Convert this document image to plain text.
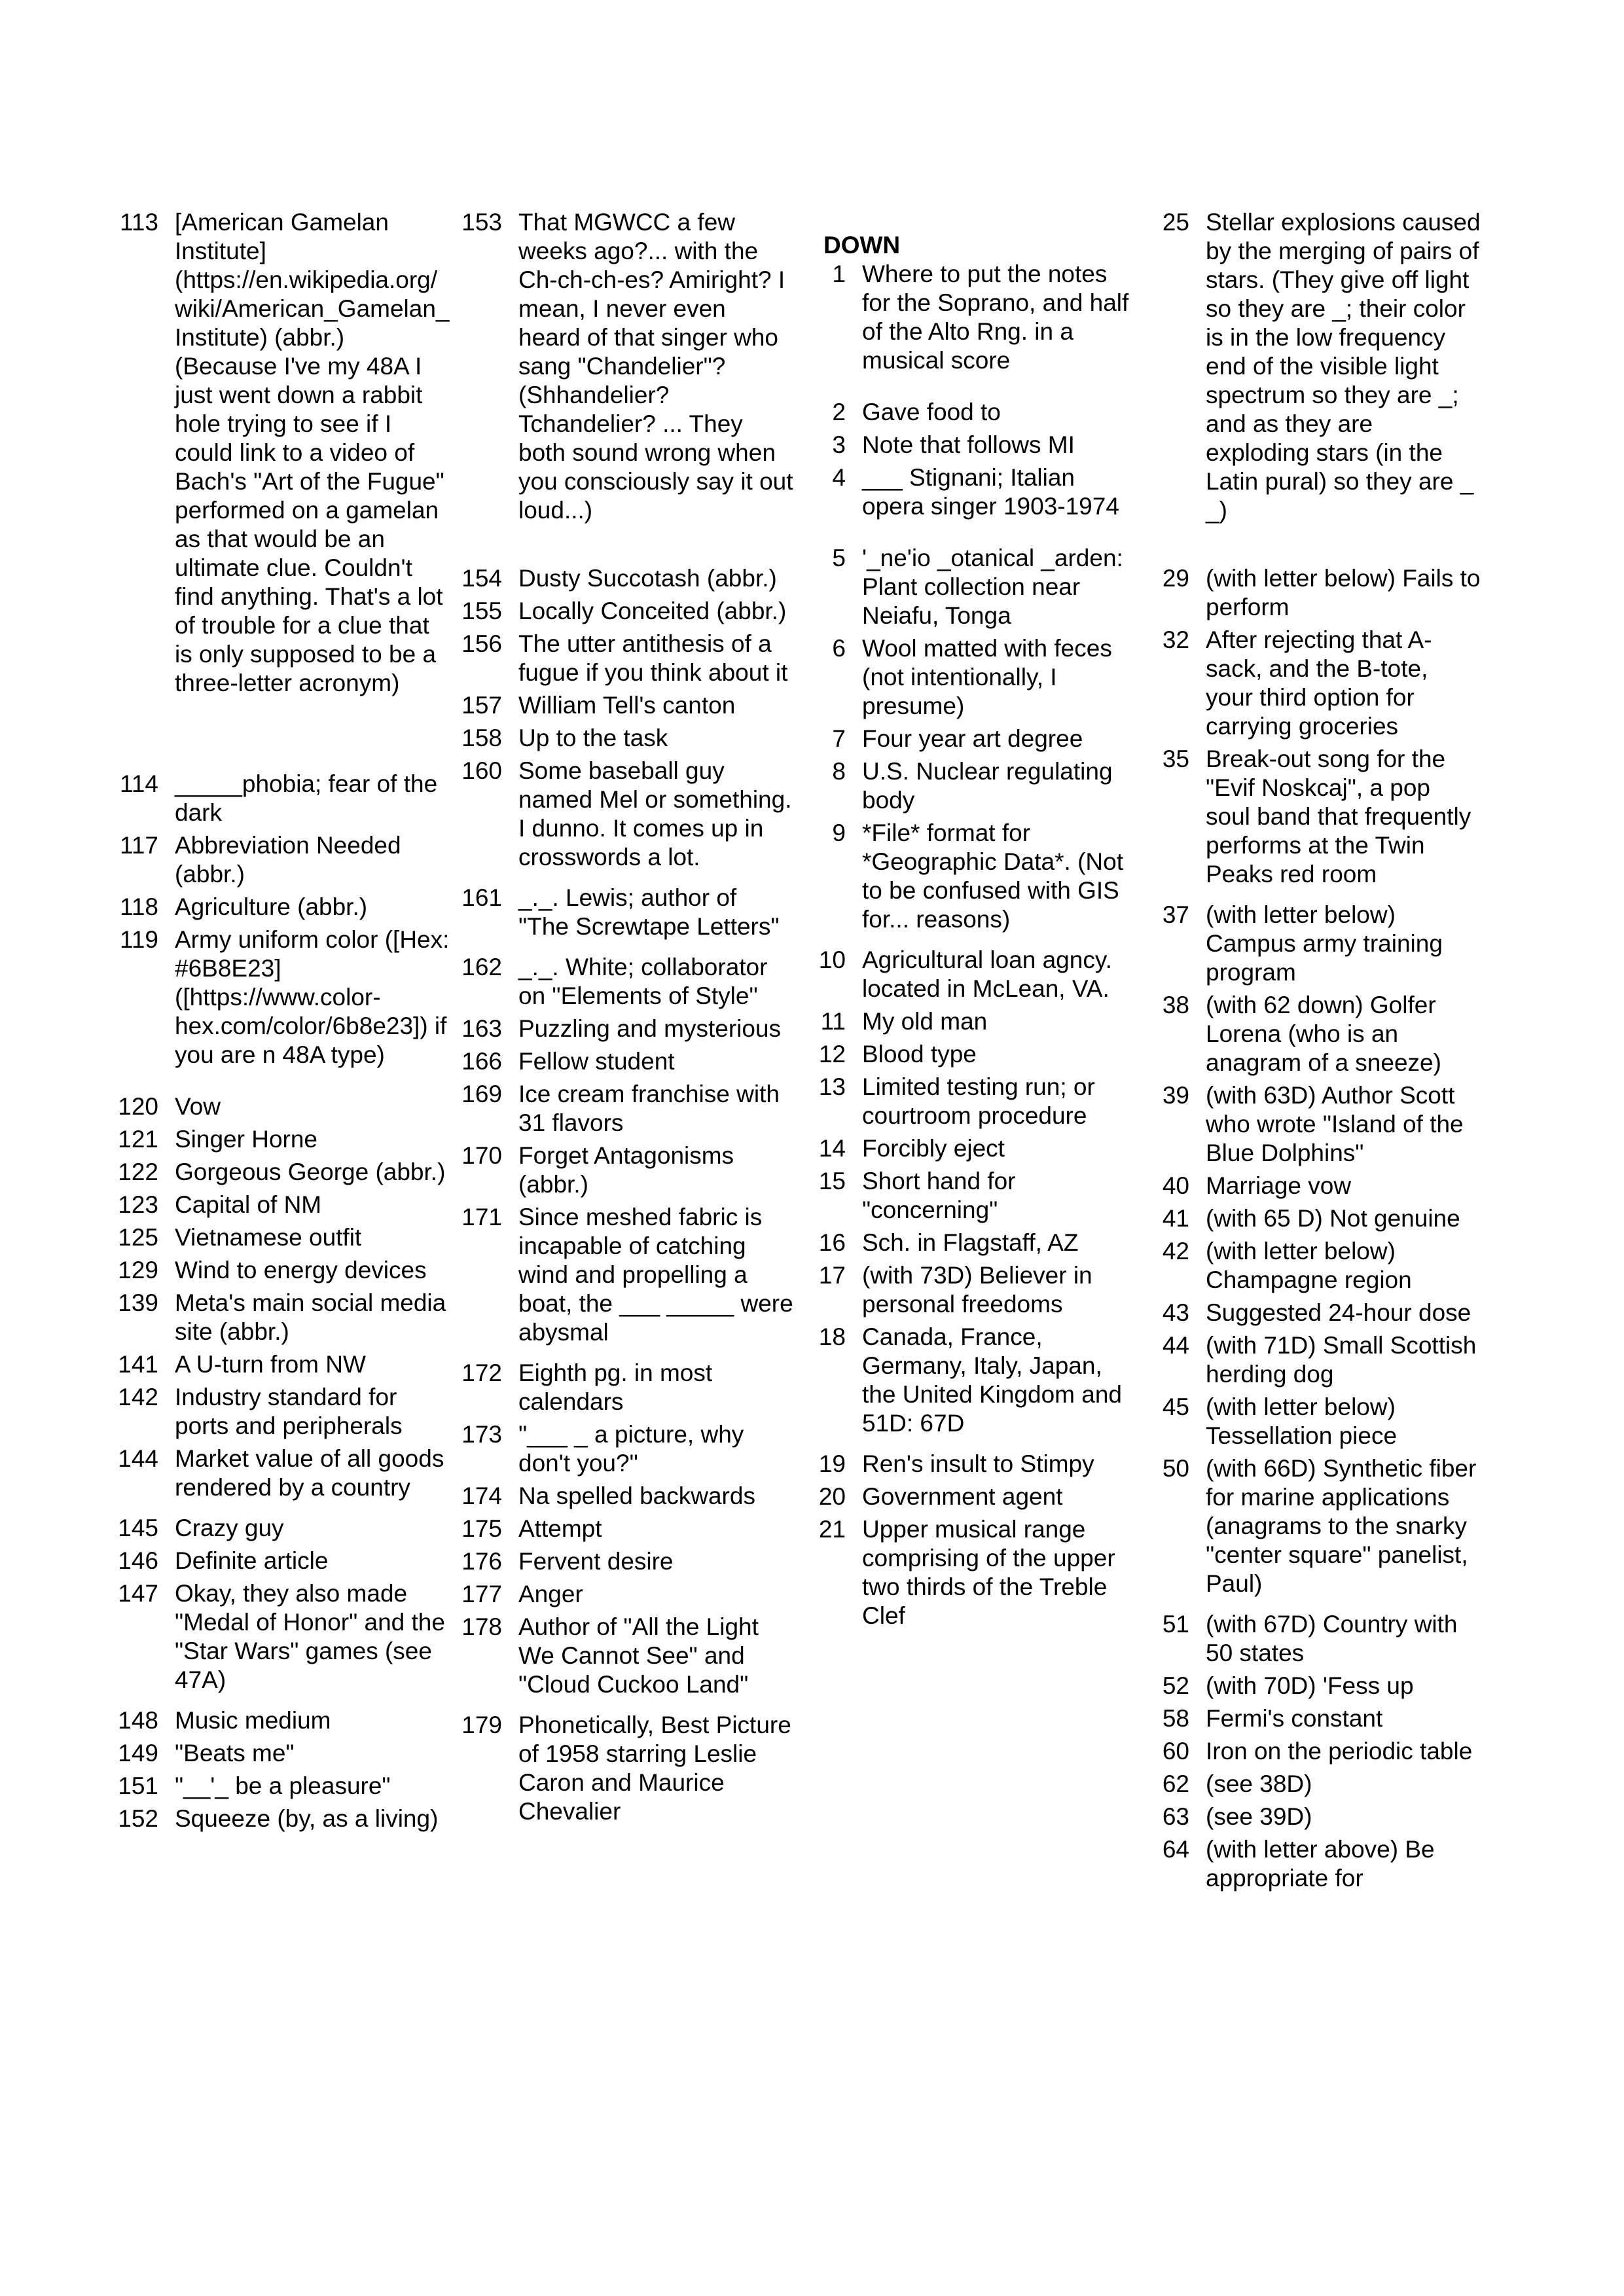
113 [American Gamelan Institute](https://en.wikipedia.org/wiki/American_Gamelan_Institute) (abbr.) (Because I've my 48A I just went down a rabbit hole trying to see if I could link to a video of Bach's "Art of the Fugue" performed on a gamelan as that would be an ultimate clue. Couldn't find anything. That's a lot of trouble for a clue that is only supposed to be a three-letter acronym)
114 _____phobia; fear of the dark
117 Abbreviation Needed (abbr.)
118 Agriculture (abbr.)
119 Army uniform color ([Hex: #6B8E23]([https://www.color-hex.com/color/6b8e23]) if you are n 48A type)
120 Vow
121 Singer Horne
122 Gorgeous George (abbr.)
123 Capital of NM
125 Vietnamese outfit
129 Wind to energy devices
139 Meta's main social media site (abbr.)
141 A U-turn from NW
142 Industry standard for ports and peripherals
144 Market value of all goods rendered by a country
145 Crazy guy
146 Definite article
147 Okay, they also made "Medal of Honor" and the "Star Wars" games (see 47A)
148 Music medium
149 "Beats me"
151 "__'_ be a pleasure"
152 Squeeze (by, as a living)
153 That MGWCC a few weeks ago?... with the Ch-ch-ch-es? Amiright? I mean, I never even heard of that singer who sang "Chandelier"? (Shhandelier? Tchandelier? ... They both sound wrong when you consciously say it out loud...)
154 Dusty Succotash (abbr.)
155 Locally Conceited (abbr.)
156 The utter antithesis of a fugue if you think about it
157 William Tell's canton
158 Up to the task
160 Some baseball guy named Mel or something. I dunno. It comes up in crosswords a lot.
161 _._. Lewis; author of "The Screwtape Letters"
162 _._. White; collaborator on "Elements of Style"
163 Puzzling and mysterious
166 Fellow student
169 Ice cream franchise with 31 flavors
170 Forget Antagonisms (abbr.)
171 Since meshed fabric is incapable of catching wind and propelling a boat, the ___ _____ were abysmal
172 Eighth pg. in most calendars
173 "___ _ a picture, why don't you?"
174 Na spelled backwards
175 Attempt
176 Fervent desire
177 Anger
178 Author of "All the Light We Cannot See" and "Cloud Cuckoo Land"
179 Phonetically, Best Picture of 1958 starring Leslie Caron and Maurice Chevalier
DOWN
1 Where to put the notes for the Soprano, and half of the Alto Rng. in a musical score
2 Gave food to
3 Note that follows MI
4 ___ Stignani; Italian opera singer 1903-1974
5 '_ne'io _otanical _arden: Plant collection near Neiafu, Tonga
6 Wool matted with feces (not intentionally, I presume)
7 Four year art degree
8 U.S. Nuclear regulating body
9 *File* format for *Geographic Data*. (Not to be confused with GIS for... reasons)
10 Agricultural loan agncy. located in McLean, VA.
11 My old man
12 Blood type
13 Limited testing run; or courtroom procedure
14 Forcibly eject
15 Short hand for "concerning"
16 Sch. in Flagstaff, AZ
17 (with 73D) Believer in personal freedoms
18 Canada, France, Germany, Italy, Japan, the United Kingdom and 51D: 67D
19 Ren's insult to Stimpy
20 Government agent
21 Upper musical range comprising of the upper two thirds of the Treble Clef
25 Stellar explosions caused by the merging of pairs of stars. (They give off light so they are _; their color is in the low frequency end of the visible light spectrum so they are _; and as they are exploding stars (in the Latin pural) so they are _ _)
29 (with letter below) Fails to perform
32 After rejecting that A-sack, and the B-tote, your third option for carrying groceries
35 Break-out song for the "Evif Noskcaj", a pop soul band that frequently performs at the Twin Peaks red room
37 (with letter below) Campus army training program
38 (with 62 down) Golfer Lorena (who is an anagram of a sneeze)
39 (with 63D) Author Scott who wrote "Island of the Blue Dolphins"
40 Marriage vow
41 (with 65 D) Not genuine
42 (with letter below) Champagne region
43 Suggested 24-hour dose
44 (with 71D) Small Scottish herding dog
45 (with letter below) Tessellation piece
50 (with 66D) Synthetic fiber for marine applications (anagrams to the snarky "center square" panelist, Paul)
51 (with 67D) Country with 50 states
52 (with 70D) 'Fess up
58 Fermi's constant
60 Iron on the periodic table
62 (see 38D)
63 (see 39D)
64 (with letter above) Be appropriate for
